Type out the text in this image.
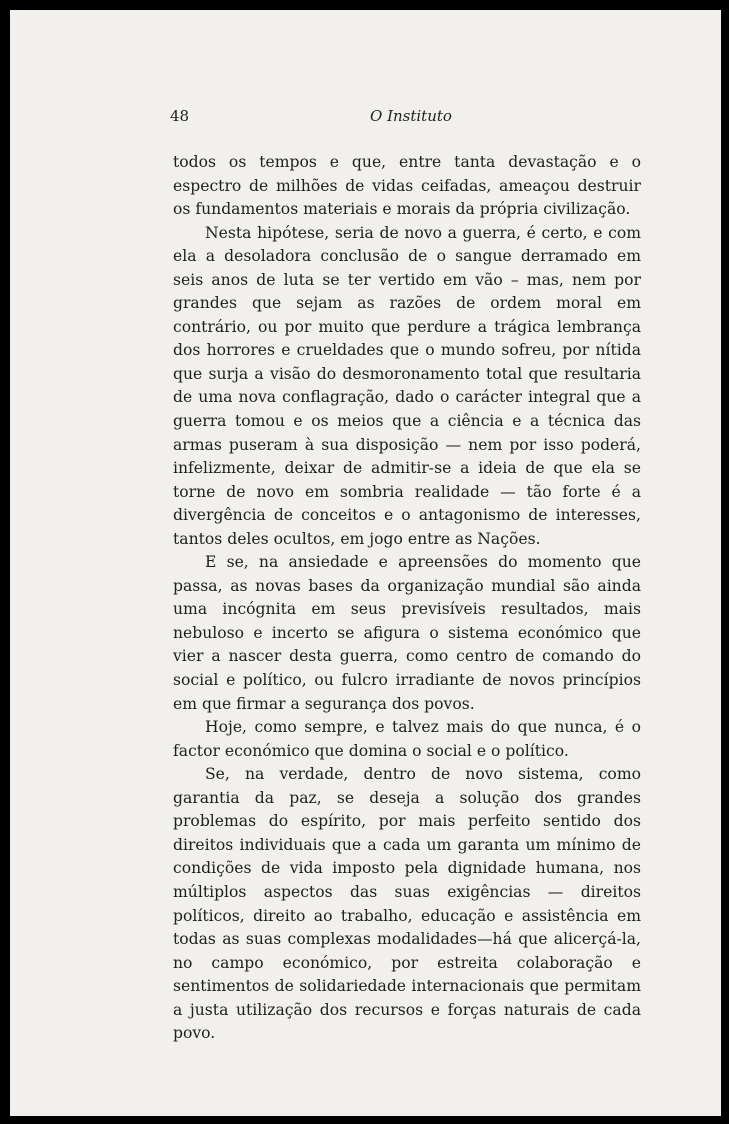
48	O Instituto

todos os tempos e que, entre tanta devastação e o espectro de milhões de vidas ceifadas, ameaçou destruir os fundamentos materiais e morais da própria civilização.

Nesta hipótese, seria de novo a guerra, é certo, e com ela a desoladora conclusão de o sangue derramado em seis anos de luta se ter vertido em vão – mas, nem por grandes que sejam as razões de ordem moral em contrário, ou por muito que perdure a trágica lembrança dos horrores e crueldades que o mundo sofreu, por nítida que surja a visão do desmoronamento total que resultaria de uma nova conflagração, dado o carácter integral que a guerra tomou e os meios que a ciência e a técnica das armas puseram à sua disposição — nem por isso poderá, infelizmente, deixar de admitir-se a ideia de que ela se torne de novo em sombria realidade — tão forte é a divergência de conceitos e o antagonismo de interesses, tantos deles ocultos, em jogo entre as Nações.

E se, na ansiedade e apreensões do momento que passa, as novas bases da organização mundial são ainda uma incógnita em seus previsíveis resultados, mais nebuloso e incerto se afigura o sistema económico que vier a nascer desta guerra, como centro de comando do social e político, ou fulcro irradiante de novos princípios em que firmar a segurança dos povos.

Hoje, como sempre, e talvez mais do que nunca, é o factor económico que domina o social e o político.

Se, na verdade, dentro de novo sistema, como garantia da paz, se deseja a solução dos grandes problemas do espírito, por mais perfeito sentido dos direitos individuais que a cada um garanta um mínimo de condições de vida imposto pela dignidade humana, nos múltiplos aspectos das suas exigências — direitos políticos, direito ao trabalho, educação e assistência em todas as suas complexas modalidades—há que alicerçá-la, no campo económico, por estreita colaboração e sentimentos de solidariedade internacionais que permitam a justa utilização dos recursos e forças naturais de cada povo.
